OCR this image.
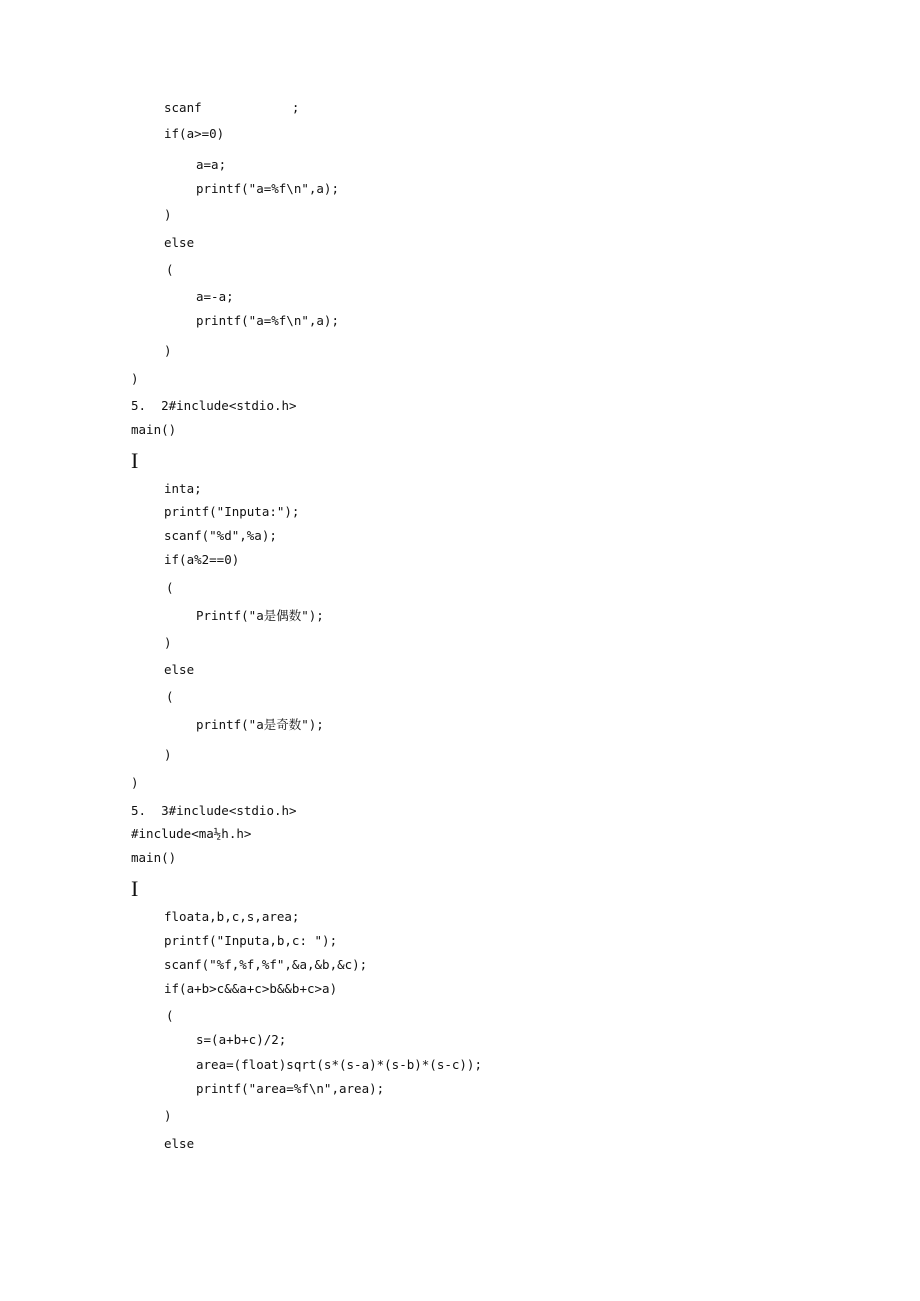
scanf            ;
if(a>=0)
a=a;
printf("a=%f\n",a);
)
else
(
a=-a;
printf("a=%f\n",a);
)
)
5.  2#include<stdio.h>
main()
I
inta;
printf("Inputa:");
scanf("%d",%a);
if(a%2==0)
(
Printf("a是偶数");
)
else
(
printf("a是奇数");
)
)
5.  3#include<stdio.h>
#include<ma½h.h>
main()
I
floata,b,c,s,area;
printf("Inputa,b,c: ");
scanf("%f,%f,%f",&a,&b,&c);
if(a+b>c&&a+c>b&&b+c>a)
(
s=(a+b+c)/2;
area=(float)sqrt(s*(s-a)*(s-b)*(s-c));
printf("area=%f\n",area);
)
else
